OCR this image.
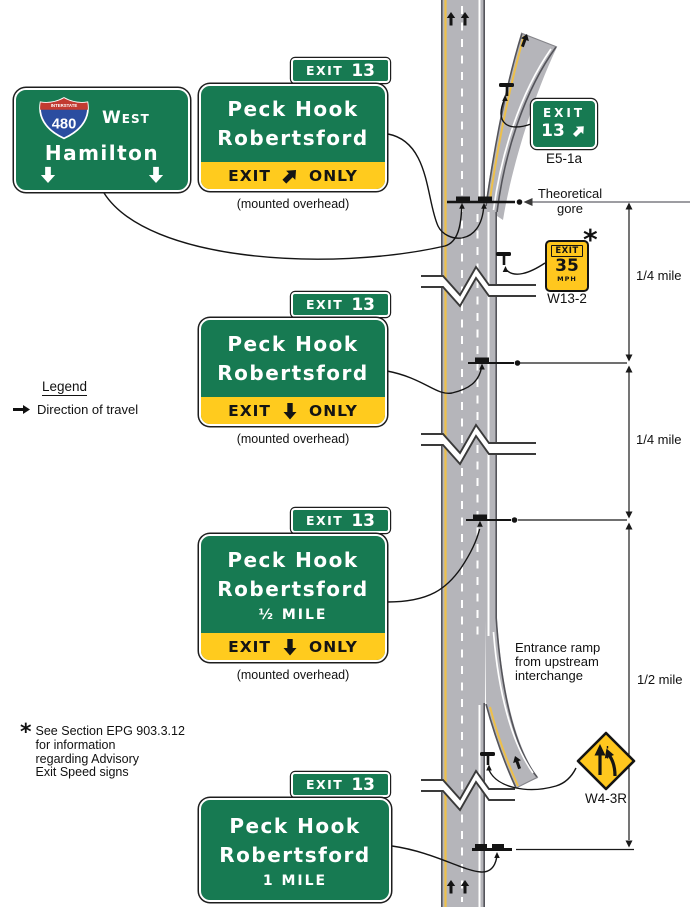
INTERSTATE
480 West
Hamilton
EXIT 13
Peck Hook
Robertsford
EXIT ONLY
(mounted overhead)
EXIT
13
E5-1a
Theoretical
gore
EXIT
35
MPH
*
W13-2
1/4 mile
1/4 mile
1/2 mile
EXIT 13
Peck Hook
Robertsford
EXIT ONLY
(mounted overhead)
Legend
Direction of travel
EXIT 13
Peck Hook
Robertsford
½ MILE
EXIT ONLY
(mounted overhead)
Entrance ramp
from upstream
interchange
W4-3R
* See Section EPG 903.3.12
for information
regarding Advisory
Exit Speed signs
EXIT 13
Peck Hook
Robertsford
1 MILE
